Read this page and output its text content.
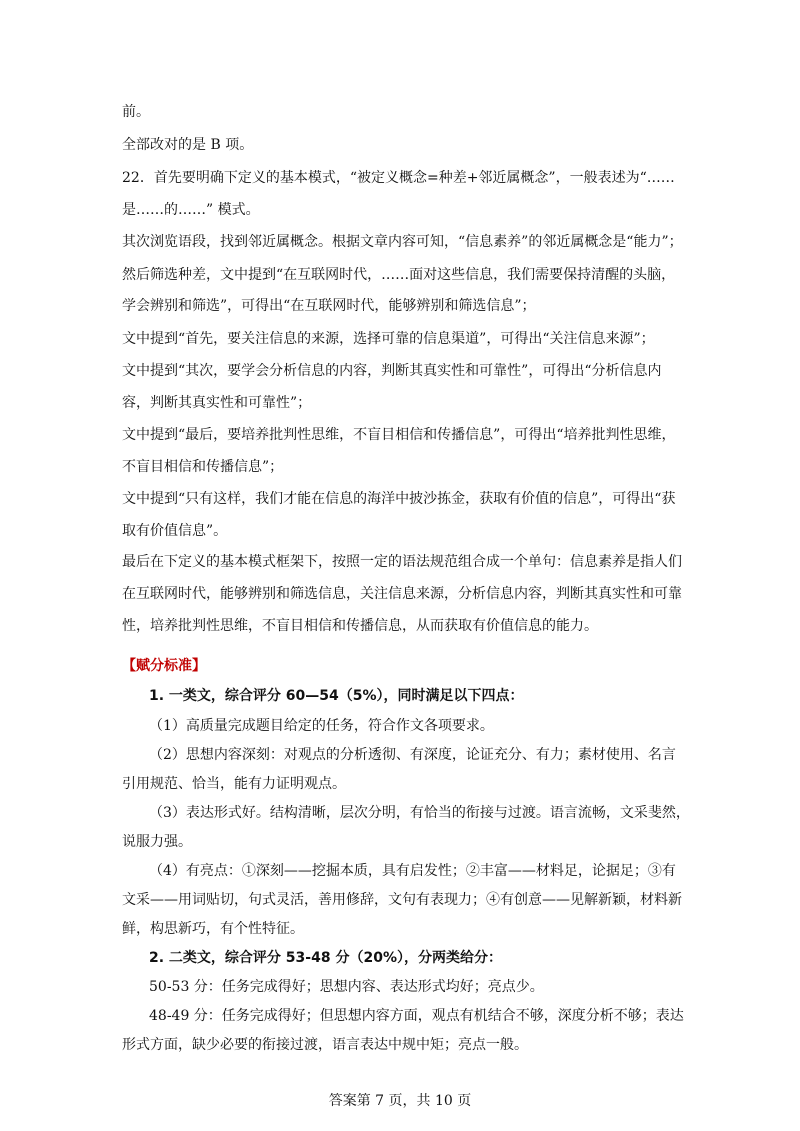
前。
全部改对的是 B 项。
22．首先要明确下定义的基本模式，“被定义概念=种差+邻近属概念”，一般表述为“……
是……的……” 模式。
其次浏览语段，找到邻近属概念。根据文章内容可知，“信息素养”的邻近属概念是“能力”；
然后筛选种差，文中提到“在互联网时代，……面对这些信息，我们需要保持清醒的头脑，
学会辨别和筛选”，可得出“在互联网时代，能够辨别和筛选信息”；
文中提到“首先，要关注信息的来源，选择可靠的信息渠道”，可得出“关注信息来源”；
文中提到“其次，要学会分析信息的内容，判断其真实性和可靠性”，可得出“分析信息内
容，判断其真实性和可靠性”；
文中提到“最后，要培养批判性思维，不盲目相信和传播信息”，可得出“培养批判性思维，
不盲目相信和传播信息”；
文中提到“只有这样，我们才能在信息的海洋中披沙拣金，获取有价值的信息”，可得出“获
取有价值信息”。
最后在下定义的基本模式框架下，按照一定的语法规范组合成一个单句：信息素养是指人们
在互联网时代，能够辨别和筛选信息，关注信息来源，分析信息内容，判断其真实性和可靠
性，培养批判性思维，不盲目相信和传播信息，从而获取有价值信息的能力。
【赋分标准】
1. 一类文，综合评分 60—54（5%），同时满足以下四点：
（1）高质量完成题目给定的任务，符合作文各项要求。
（2）思想内容深刻：对观点的分析透彻、有深度，论证充分、有力；素材使用、名言
引用规范、恰当，能有力证明观点。
（3）表达形式好。结构清晰，层次分明，有恰当的衔接与过渡。语言流畅，文采斐然，
说服力强。
（4）有亮点：①深刻——挖掘本质，具有启发性；②丰富——材料足，论据足；③有
文采——用词贴切，句式灵活，善用修辞，文句有表现力；④有创意——见解新颖，材料新
鲜，构思新巧，有个性特征。
2. 二类文，综合评分 53-48 分（20%），分两类给分：
50-53 分：任务完成得好；思想内容、表达形式均好；亮点少。
48-49 分：任务完成得好；但思想内容方面，观点有机结合不够，深度分析不够；表达
形式方面，缺少必要的衔接过渡，语言表达中规中矩；亮点一般。
答案第 7 页，共 10 页
